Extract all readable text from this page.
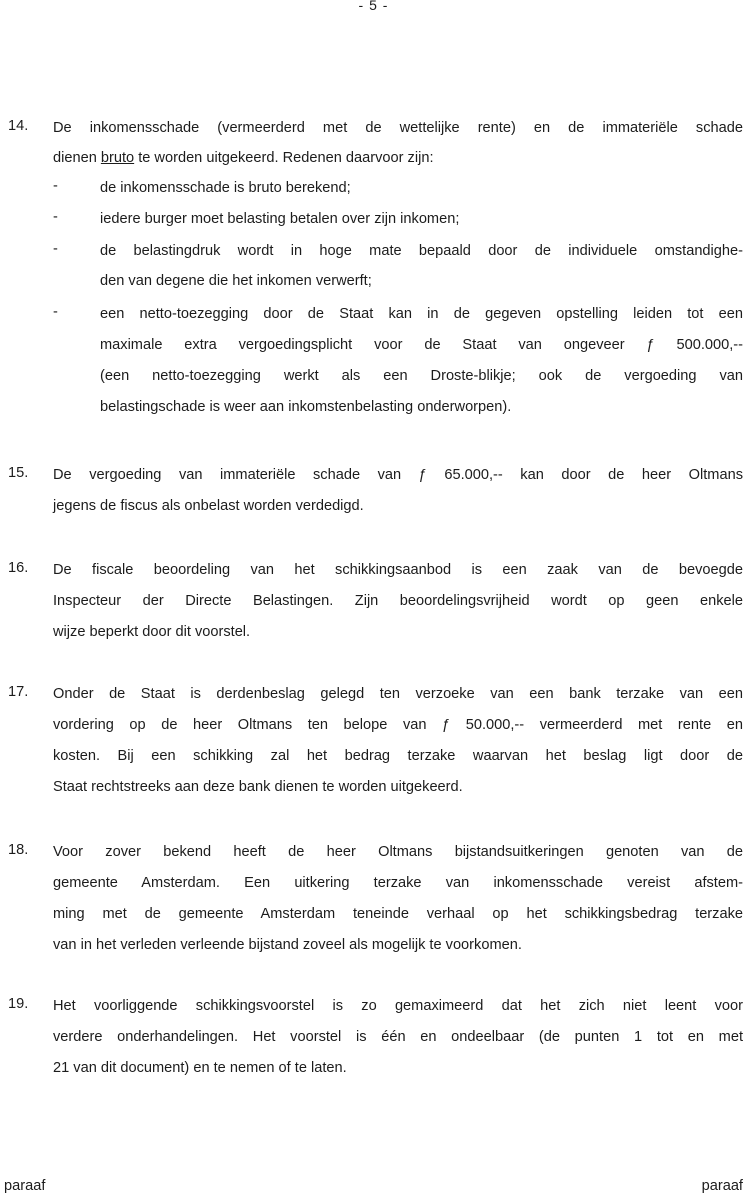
- 5 -
14. De inkomensschade (vermeerderd met de wettelijke rente) en de immateriële schade
dienen bruto te worden uitgekeerd. Redenen daarvoor zijn:
-	de inkomensschade is bruto berekend;
-	iedere burger moet belasting betalen over zijn inkomen;
-	de belastingdruk wordt in hoge mate bepaald door de individuele omstandighe-
den van degene die het inkomen verwerft;
-	een netto-toezegging door de Staat kan in de gegeven opstelling leiden tot een
maximale extra vergoedingsplicht voor de Staat van ongeveer ƒ 500.000,--
(een netto-toezegging werkt als een Droste-blikje; ook de vergoeding van
belastingschade is weer aan inkomstenbelasting onderworpen).
15. De vergoeding van immateriële schade van ƒ 65.000,-- kan door de heer Oltmans
jegens de fiscus als onbelast worden verdedigd.
16. De fiscale beoordeling van het schikkingsaanbod is een zaak van de bevoegde
Inspecteur der Directe Belastingen. Zijn beoordelingsvrijheid wordt op geen enkele
wijze beperkt door dit voorstel.
17. Onder de Staat is derdenbeslag gelegd ten verzoeke van een bank terzake van een
vordering op de heer Oltmans ten belope van ƒ 50.000,-- vermeerderd met rente en
kosten. Bij een schikking zal het bedrag terzake waarvan het beslag ligt door de
Staat rechtstreeks aan deze bank dienen te worden uitgekeerd.
18. Voor zover bekend heeft de heer Oltmans bijstandsuitkeringen genoten van de
gemeente Amsterdam. Een uitkering terzake van inkomensschade vereist afstem-
ming met de gemeente Amsterdam teneinde verhaal op het schikkingsbedrag terzake
van in het verleden verleende bijstand zoveel als mogelijk te voorkomen.
19. Het voorliggende schikkingsvoorstel is zo gemaximeerd dat het zich niet leent voor
verdere onderhandelingen. Het voorstel is één en ondeelbaar (de punten 1 tot en met
21 van dit document) en te nemen of te laten.
paraaf	paraaf
